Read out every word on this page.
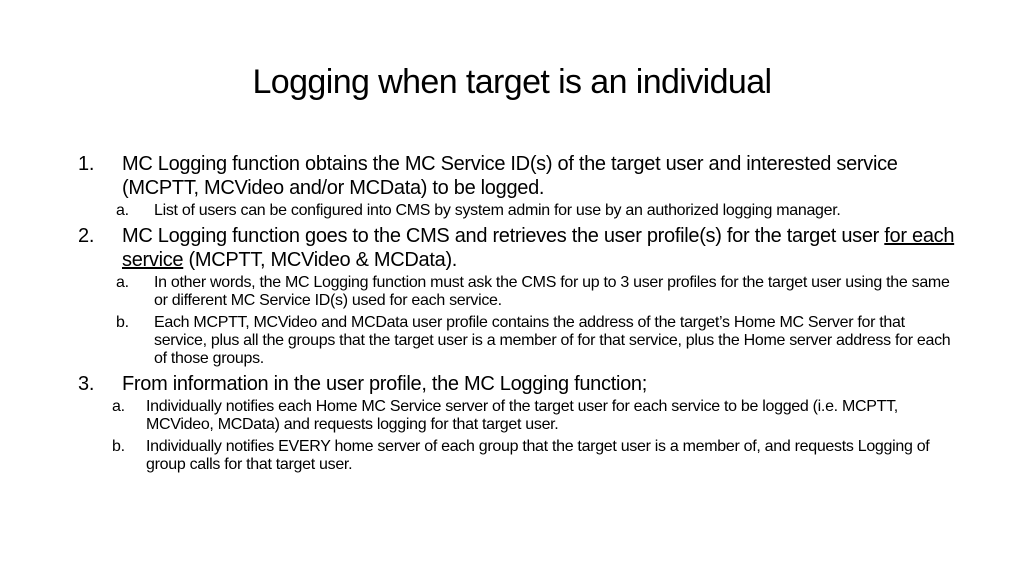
Logging when target is an individual
1. MC Logging function obtains the MC Service ID(s) of the target user and interested service (MCPTT, MCVideo and/or MCData) to be logged.
a. List of users can be configured into CMS by system admin for use by an authorized logging manager.
2. MC Logging function goes to the CMS and retrieves the user profile(s) for the target user for each service (MCPTT, MCVideo & MCData).
a. In other words, the MC Logging function must ask the CMS for up to 3 user profiles for the target user using the same or different MC Service ID(s) used for each service.
b. Each MCPTT, MCVideo and MCData user profile contains the address of the target’s Home MC Server for that service, plus all the groups that the target user is a member of for that service, plus the Home server address for each of those groups.
3. From information in the user profile, the MC Logging function;
a. Individually notifies each Home MC Service server of the target user for each service to be logged (i.e. MCPTT, MCVideo, MCData) and requests logging for that target user.
b. Individually notifies EVERY home server of each group that the target user is a member of, and requests Logging of group calls for that target user.
